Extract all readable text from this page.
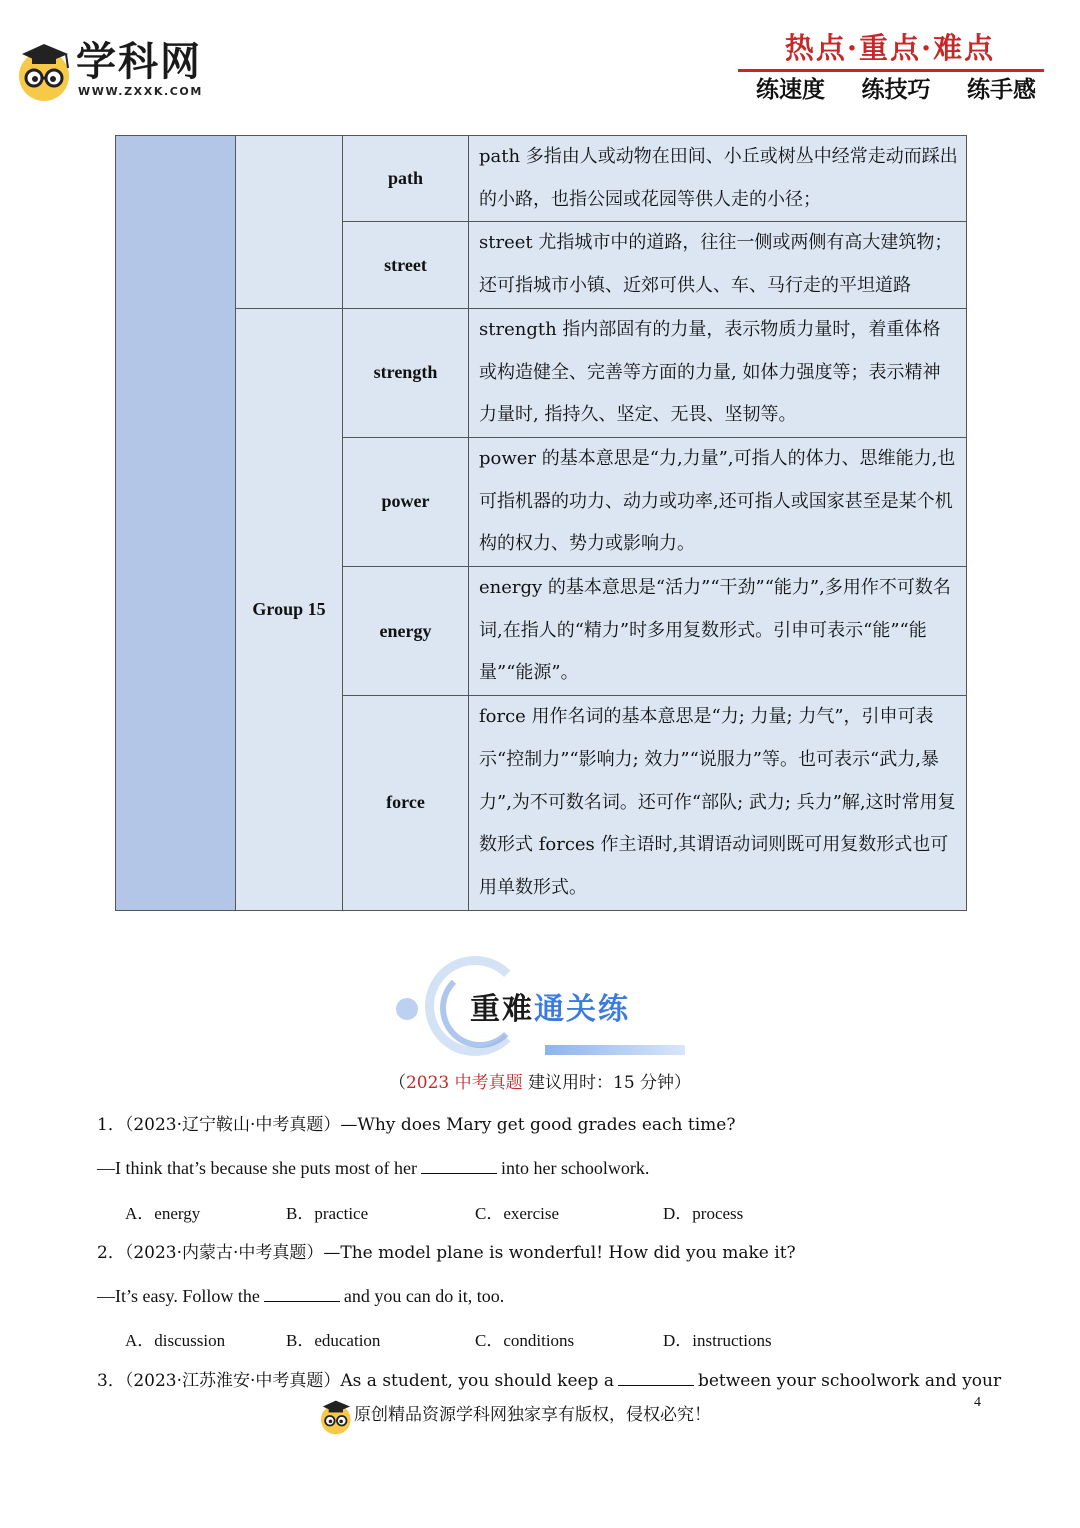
学科网
WWW.ZXXK.COM
热点·重点·难点
练速度 练技巧 练手感
		path	path 多指由人或动物在田间、小丘或树丛中经常走动而踩出的小路，也指公园或花园等供人走的小径；
		street	street 尤指城市中的道路，往往一侧或两侧有高大建筑物；还可指城市小镇、近郊可供人、车、马行走的平坦道路
	Group 15	strength	strength 指内部固有的力量，表示物质力量时，着重体格或构造健全、完善等方面的力量, 如体力强度等；表示精神力量时, 指持久、坚定、无畏、坚韧等。
		power	power 的基本意思是“力,力量”,可指人的体力、思维能力,也可指机器的功力、动力或功率,还可指人或国家甚至是某个机构的权力、势力或影响力。
		energy	energy 的基本意思是“活力”“干劲”“能力”,多用作不可数名词,在指人的“精力”时多用复数形式。引申可表示“能”“能量”“能源”。
		force	force 用作名词的基本意思是“力; 力量; 力气”，引申可表示“控制力”“影响力; 效力”“说服力”等。也可表示“武力,暴力”,为不可数名词。还可作“部队; 武力; 兵力”解,这时常用复数形式 forces 作主语时,其谓语动词则既可用复数形式也可用单数形式。
重难通关练
（2023 中考真题 建议用时：15 分钟）
1．（2023·辽宁鞍山·中考真题）—Why does Mary get good grades each time?
—I think that’s because she puts most of her	into her schoolwork.
A．energy	B．practice	C．exercise	D．process
2．（2023·内蒙古·中考真题）—The model plane is wonderful! How did you make it?
—It’s easy. Follow the	and you can do it, too.
A．discussion	B．education	C．conditions	D．instructions
3．（2023·江苏淮安·中考真题）As a student, you should keep a	between your schoolwork and your
原创精品资源学科网独家享有版权，侵权必究！
4
